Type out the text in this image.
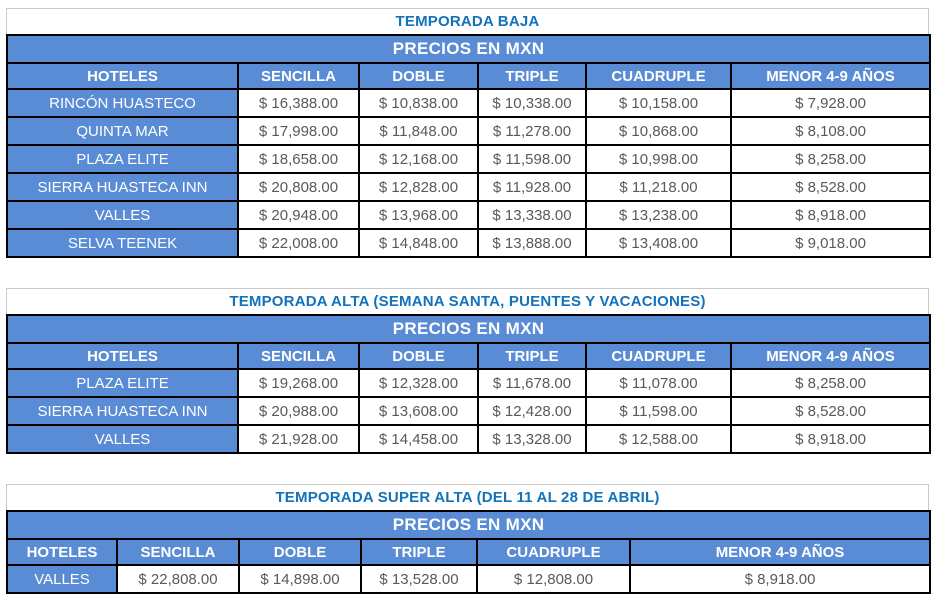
TEMPORADA BAJA
PRECIOS EN MXN					
HOTELES	SENCILLA	DOBLE	TRIPLE	CUADRUPLE	MENOR 4-9 AÑOS
RINCÓN HUASTECO	$ 16,388.00	$ 10,838.00	$ 10,338.00	$ 10,158.00	$ 7,928.00
QUINTA MAR	$ 17,998.00	$ 11,848.00	$ 11,278.00	$ 10,868.00	$ 8,108.00
PLAZA ELITE	$ 18,658.00	$ 12,168.00	$ 11,598.00	$ 10,998.00	$ 8,258.00
SIERRA HUASTECA INN	$ 20,808.00	$ 12,828.00	$ 11,928.00	$ 11,218.00	$ 8,528.00
VALLES	$ 20,948.00	$ 13,968.00	$ 13,338.00	$ 13,238.00	$ 8,918.00
SELVA TEENEK	$ 22,008.00	$ 14,848.00	$ 13,888.00	$ 13,408.00	$ 9,018.00
TEMPORADA ALTA (SEMANA SANTA, PUENTES Y VACACIONES)
PRECIOS EN MXN					
HOTELES	SENCILLA	DOBLE	TRIPLE	CUADRUPLE	MENOR 4-9 AÑOS
PLAZA ELITE	$ 19,268.00	$ 12,328.00	$ 11,678.00	$ 11,078.00	$ 8,258.00
SIERRA HUASTECA INN	$ 20,988.00	$ 13,608.00	$ 12,428.00	$ 11,598.00	$ 8,528.00
VALLES	$ 21,928.00	$ 14,458.00	$ 13,328.00	$ 12,588.00	$ 8,918.00
TEMPORADA SUPER ALTA (DEL 11 AL 28 DE ABRIL)
PRECIOS EN MXN					
HOTELES	SENCILLA	DOBLE	TRIPLE	CUADRUPLE	MENOR 4-9 AÑOS
VALLES	$ 22,808.00	$ 14,898.00	$ 13,528.00	$ 12,808.00	$ 8,918.00
